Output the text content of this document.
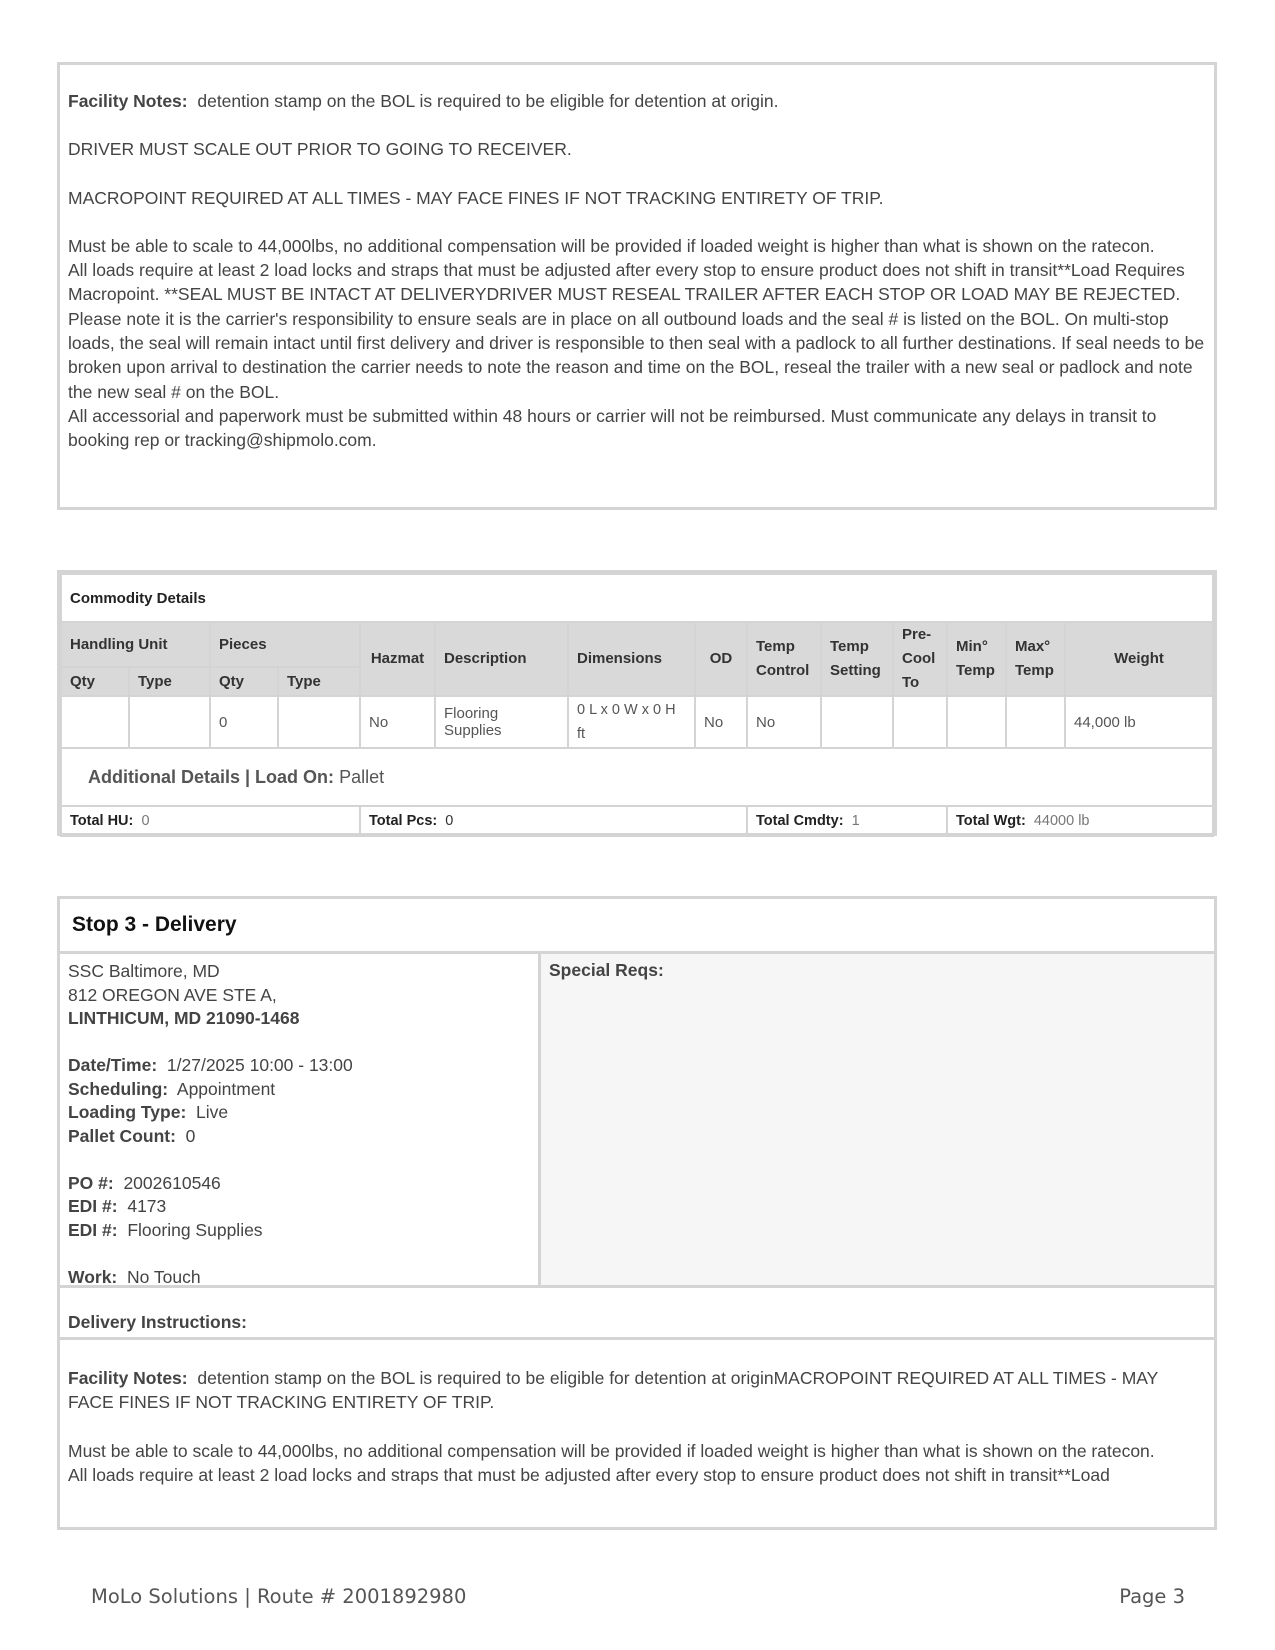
Facility Notes: detention stamp on the BOL is required to be eligible for detention at origin.

DRIVER MUST SCALE OUT PRIOR TO GOING TO RECEIVER.

MACROPOINT REQUIRED AT ALL TIMES - MAY FACE FINES IF NOT TRACKING ENTIRETY OF TRIP.

Must be able to scale to 44,000lbs, no additional compensation will be provided if loaded weight is higher than what is shown on the ratecon.

All loads require at least 2 load locks and straps that must be adjusted after every stop to ensure product does not shift in transit**Load Requires Macropoint. **SEAL MUST BE INTACT AT DELIVERYDRIVER MUST RESEAL TRAILER AFTER EACH STOP OR LOAD MAY BE REJECTED.

Please note it is the carrier's responsibility to ensure seals are in place on all outbound loads and the seal # is listed on the BOL. On multi-stop loads, the seal will remain intact until first delivery and driver is responsible to then seal with a padlock to all further destinations. If seal needs to be broken upon arrival to destination the carrier needs to note the reason and time on the BOL, reseal the trailer with a new seal or padlock and note the new seal # on the BOL.

All accessorial and paperwork must be submitted within 48 hours or carrier will not be reimbursed. Must communicate any delays in transit to booking rep or tracking@shipmolo.com.

Commodity Details													
Handling Unit		Pieces		Hazmat	Description	Dimensions	OD	Temp Control	Temp Setting	Pre-Cool To	Min° Temp	Max° Temp	Weight
Qty	Type	Qty	Type										
		0		No	Flooring Supplies	0 L x 0 W x 0 H ft	No	No					44,000 lb
Additional Details | Load On: Pallet													
Total HU: 0				Total Pcs: 0				Total Cmdty: 1			Total Wgt: 44000 lb		
Stop 3 - Delivery

SSC Baltimore, MD

812 OREGON AVE STE A,

LINTHICUM, MD 21090-1468

Date/Time: 1/27/2025 10:00 - 13:00

Scheduling: Appointment

Loading Type: Live

Pallet Count: 0

PO #: 2002610546

EDI #: 4173

EDI #: Flooring Supplies

Work: No Touch

Special Reqs:
Delivery Instructions:

Facility Notes: detention stamp on the BOL is required to be eligible for detention at originMACROPOINT REQUIRED AT ALL TIMES - MAY FACE FINES IF NOT TRACKING ENTIRETY OF TRIP.

Must be able to scale to 44,000lbs, no additional compensation will be provided if loaded weight is higher than what is shown on the ratecon.

All loads require at least 2 load locks and straps that must be adjusted after every stop to ensure product does not shift in transit**Load

MoLo Solutions | Route # 2001892980	Page 3
